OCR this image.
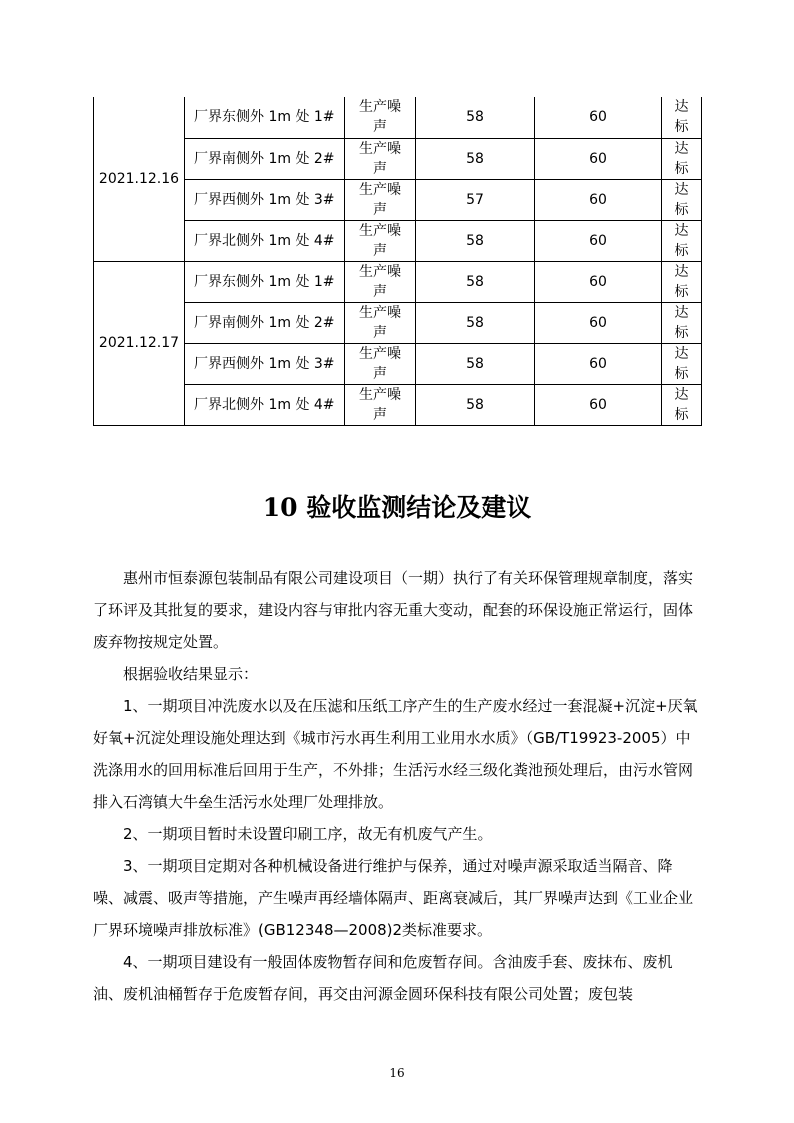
2021.12.16	厂界东侧外 1m 处 1#	生产噪
声	58	60	达
标

	厂界南侧外 1m 处 2#	生产噪
声	58	60	达
标

	厂界西侧外 1m 处 3#	生产噪
声	57	60	达
标

	厂界北侧外 1m 处 4#	生产噪
声	58	60	达
标

2021.12.17	厂界东侧外 1m 处 1#	生产噪
声	58	60	达
标

	厂界南侧外 1m 处 2#	生产噪
声	58	60	达
标

	厂界西侧外 1m 处 3#	生产噪
声	58	60	达
标

	厂界北侧外 1m 处 4#	生产噪
声	58	60	达
标
10 验收监测结论及建议

惠州市恒泰源包装制品有限公司建设项目（一期）执行了有关环保管理规章制度，落实了环评及其批复的要求，建设内容与审批内容无重大变动，配套的环保设施正常运行，固体废弃物按规定处置。

根据验收结果显示：

1、一期项目冲洗废水以及在压滤和压纸工序产生的生产废水经过一套混凝+沉淀+厌氧好氧+沉淀处理设施处理达到《城市污水再生利用工业用水水质》（GB/T19923-2005）中洗涤用水的回用标准后回用于生产，不外排；生活污水经三级化粪池预处理后，由污水管网排入石湾镇大牛垒生活污水处理厂处理排放。

2、一期项目暂时未设置印刷工序，故无有机废气产生。

3、一期项目定期对各种机械设备进行维护与保养，通过对噪声源采取适当隔音、降噪、减震、吸声等措施，产生噪声再经墙体隔声、距离衰减后，其厂界噪声达到《工业企业厂界环境噪声排放标准》(GB12348—2008)2类标准要求。

4、一期项目建设有一般固体废物暂存间和危废暂存间。含油废手套、废抹布、废机油、废机油桶暂存于危废暂存间，再交由河源金圆环保科技有限公司处置；废包装

16
